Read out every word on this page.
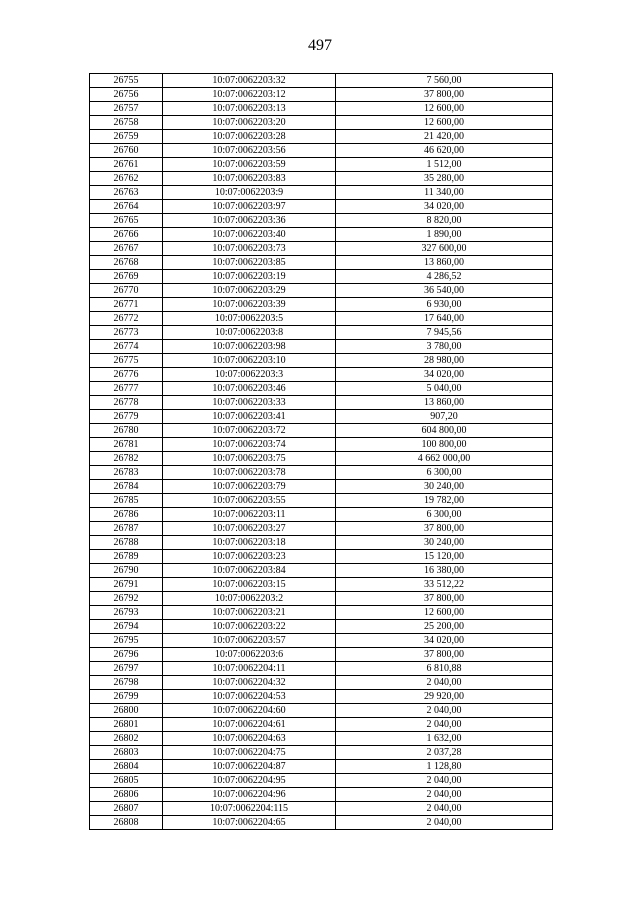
497
26755	10:07:0062203:32	7 560,00
26756	10:07:0062203:12	37 800,00
26757	10:07:0062203:13	12 600,00
26758	10:07:0062203:20	12 600,00
26759	10:07:0062203:28	21 420,00
26760	10:07:0062203:56	46 620,00
26761	10:07:0062203:59	1 512,00
26762	10:07:0062203:83	35 280,00
26763	10:07:0062203:9	11 340,00
26764	10:07:0062203:97	34 020,00
26765	10:07:0062203:36	8 820,00
26766	10:07:0062203:40	1 890,00
26767	10:07:0062203:73	327 600,00
26768	10:07:0062203:85	13 860,00
26769	10:07:0062203:19	4 286,52
26770	10:07:0062203:29	36 540,00
26771	10:07:0062203:39	6 930,00
26772	10:07:0062203:5	17 640,00
26773	10:07:0062203:8	7 945,56
26774	10:07:0062203:98	3 780,00
26775	10:07:0062203:10	28 980,00
26776	10:07:0062203:3	34 020,00
26777	10:07:0062203:46	5 040,00
26778	10:07:0062203:33	13 860,00
26779	10:07:0062203:41	907,20
26780	10:07:0062203:72	604 800,00
26781	10:07:0062203:74	100 800,00
26782	10:07:0062203:75	4 662 000,00
26783	10:07:0062203:78	6 300,00
26784	10:07:0062203:79	30 240,00
26785	10:07:0062203:55	19 782,00
26786	10:07:0062203:11	6 300,00
26787	10:07:0062203:27	37 800,00
26788	10:07:0062203:18	30 240,00
26789	10:07:0062203:23	15 120,00
26790	10:07:0062203:84	16 380,00
26791	10:07:0062203:15	33 512,22
26792	10:07:0062203:2	37 800,00
26793	10:07:0062203:21	12 600,00
26794	10:07:0062203:22	25 200,00
26795	10:07:0062203:57	34 020,00
26796	10:07:0062203:6	37 800,00
26797	10:07:0062204:11	6 810,88
26798	10:07:0062204:32	2 040,00
26799	10:07:0062204:53	29 920,00
26800	10:07:0062204:60	2 040,00
26801	10:07:0062204:61	2 040,00
26802	10:07:0062204:63	1 632,00
26803	10:07:0062204:75	2 037,28
26804	10:07:0062204:87	1 128,80
26805	10:07:0062204:95	2 040,00
26806	10:07:0062204:96	2 040,00
26807	10:07:0062204:115	2 040,00
26808	10:07:0062204:65	2 040,00
